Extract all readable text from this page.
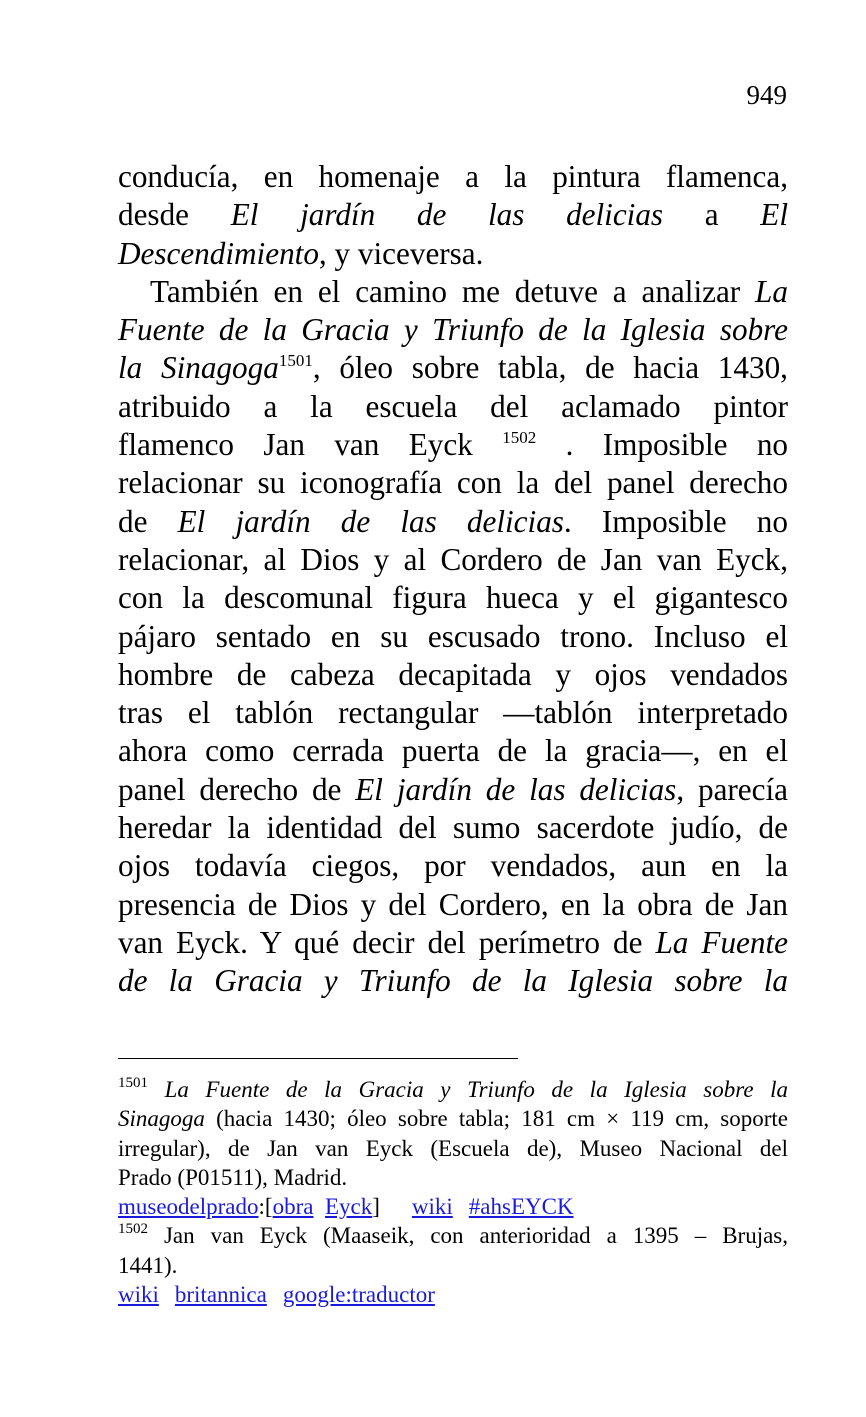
949
conducía, en homenaje a la pintura flamenca,
desde El jardín de las delicias a El
Descendimiento, y viceversa.
También en el camino me detuve a analizar La
Fuente de la Gracia y Triunfo de la Iglesia sobre
la Sinagoga$^{1501}$, óleo sobre tabla, de hacia 1430,
atribuido a la escuela del aclamado pintor
flamenco Jan van Eyck $^{1502}$ . Imposible no
relacionar su iconografía con la del panel derecho
de El jardín de las delicias. Imposible no
relacionar, al Dios y al Cordero de Jan van Eyck,
con la descomunal figura hueca y el gigantesco
pájaro sentado en su escusado trono. Incluso el
hombre de cabeza decapitada y ojos vendados
tras el tablón rectangular —tablón interpretado
ahora como cerrada puerta de la gracia—, en el
panel derecho de El jardín de las delicias, parecía
heredar la identidad del sumo sacerdote judío, de
ojos todavía ciegos, por vendados, aun en la
presencia de Dios y del Cordero, en la obra de Jan
van Eyck. Y qué decir del perímetro de La Fuente
de la Gracia y Triunfo de la Iglesia sobre la
$^{1501}$ La Fuente de la Gracia y Triunfo de la Iglesia sobre la
Sinagoga (hacia 1430; óleo sobre tabla; 181 cm × 119 cm, soporte
irregular), de Jan van Eyck (Escuela de), Museo Nacional del
Prado (P01511), Madrid.
museodelprado:[obra Eyck] wiki #ahsEYCK
$^{1502}$ Jan van Eyck (Maaseik, con anterioridad a 1395 – Brujas,
1441).
wiki britannica google:traductor
